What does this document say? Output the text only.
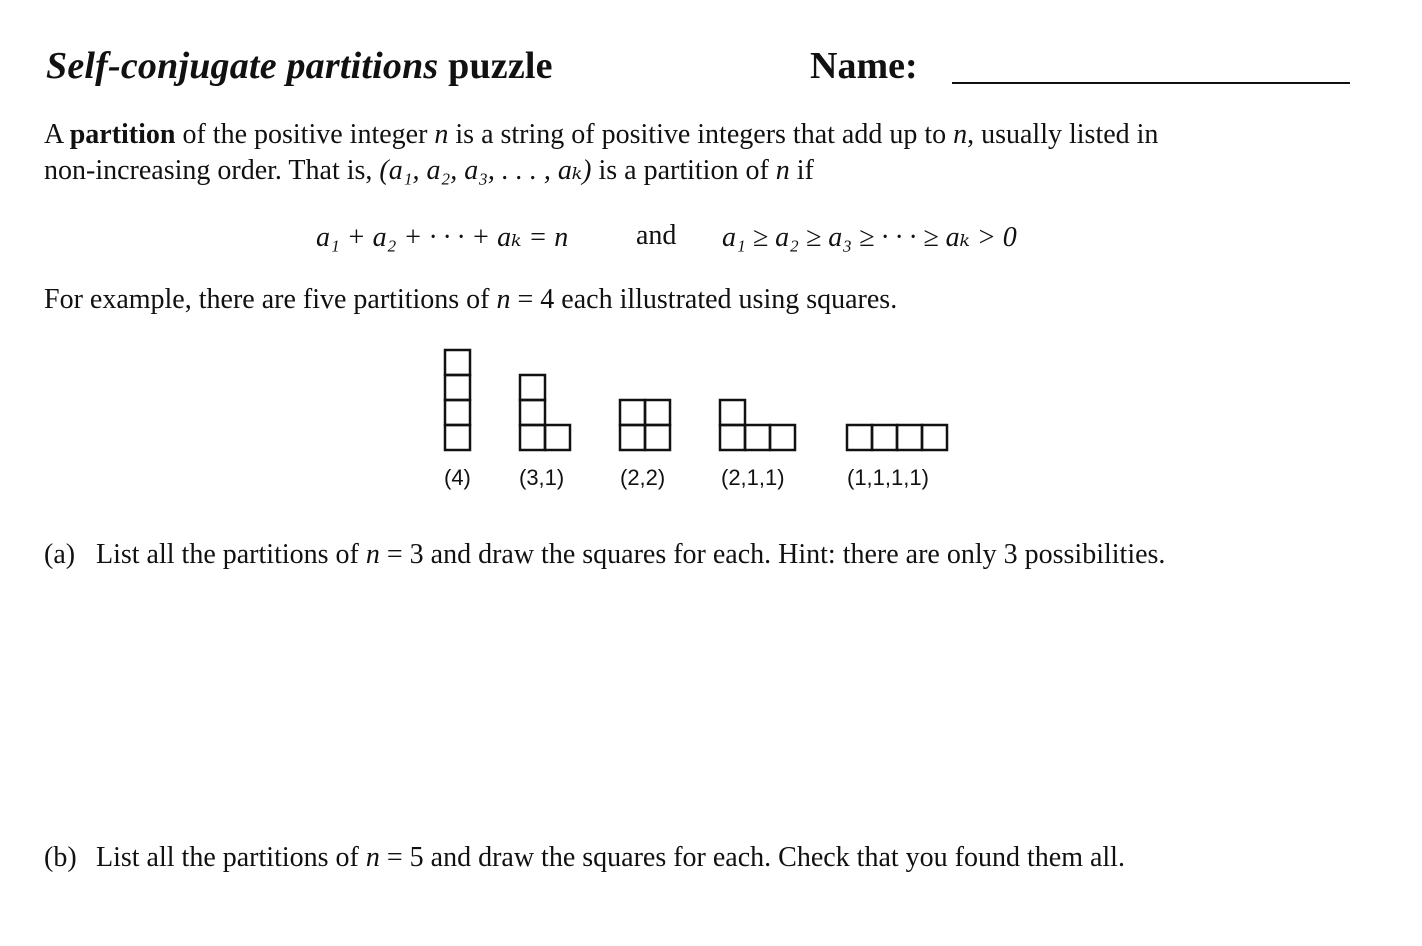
Self-conjugate partitions puzzle	Name:
A partition of the positive integer n is a string of positive integers that add up to n, usually listed in
non-increasing order. That is, (a₁, a₂, a₃, . . . , aₖ) is a partition of n if
a₁ + a₂ + · · · + aₖ = n and a₁ ≥ a₂ ≥ a₃ ≥ · · · ≥ aₖ > 0
For example, there are five partitions of n = 4 each illustrated using squares.
(4) (3,1)	(2,2)	(2,1,1)	(1,1,1,1)
(a) List all the partitions of n = 3 and draw the squares for each. Hint: there are only 3 possibilities.
(b) List all the partitions of n = 5 and draw the squares for each. Check that you found them all.
